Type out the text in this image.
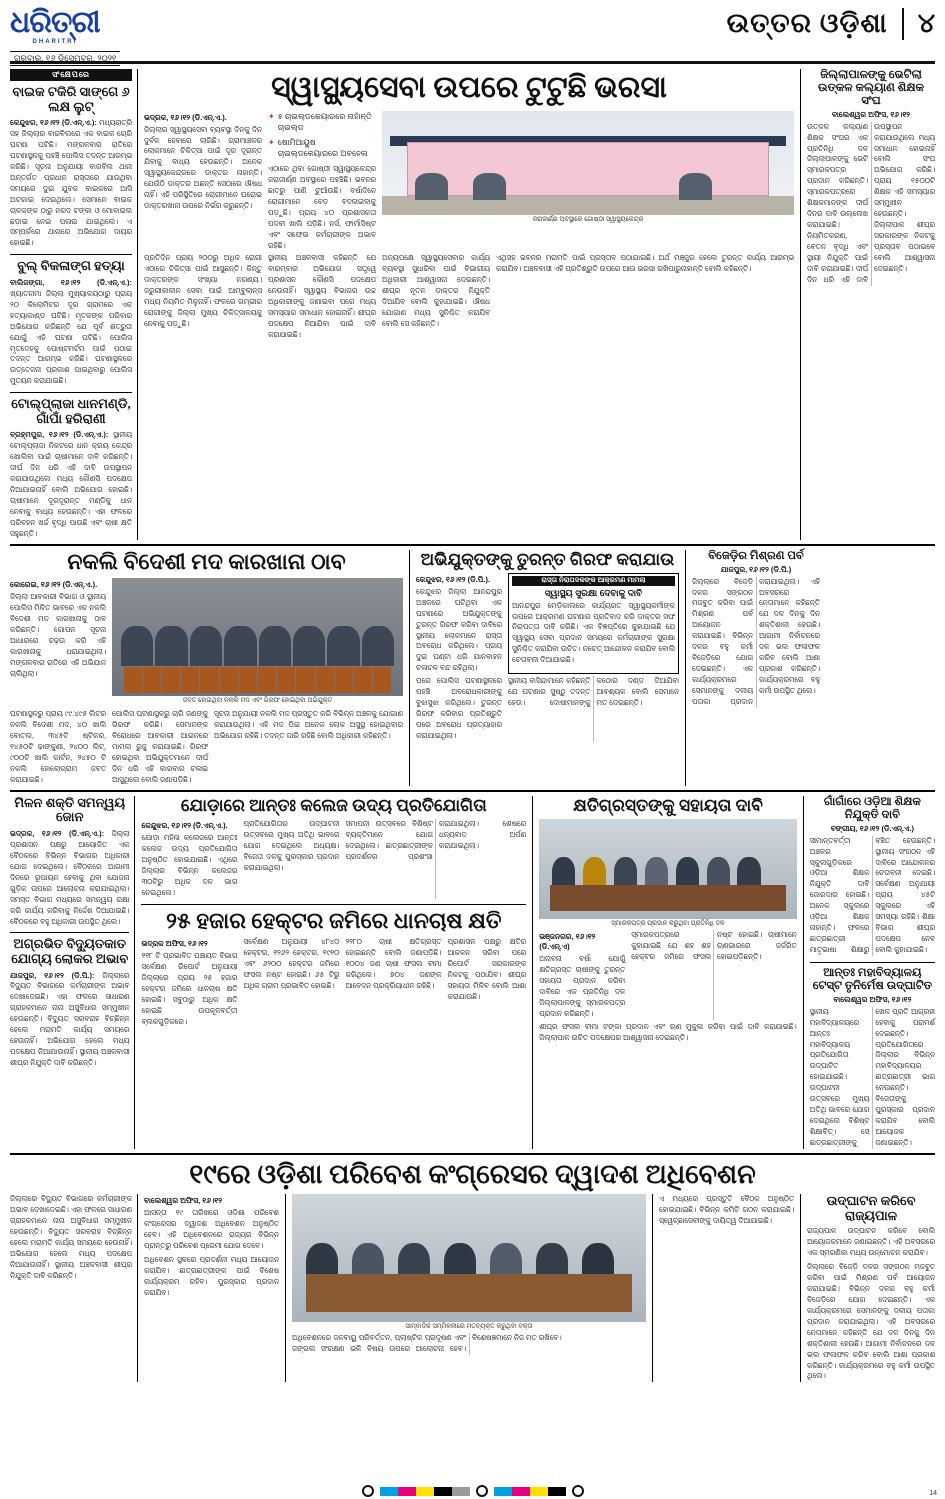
ଧରିତ୍ରୀ
DHARITRI
ଗୁରୁବାର, ୧୬ ଡିସେମ୍ବର, ୨୦୨୧
ଉତ୍ତର ଓଡ଼ିଶା	୪
ସଂକ୍ଷେପରେ
ବାଇକ ଟକିରି ସାଙ୍ଗେ ୬ ଲକ୍ଷ ଲୁଟ୍
କେନ୍ଦୁଝର, ୧୬।୧୨ (ଡି.ଏନ୍.ଏ.): ମଧ୍ୟରାତ୍ରି ସହ ଜିଲ୍ଲାର ବାରବିଲରେ ଏକ ବାଇକ ଚୋରି ଘଟଣା ଘଟିଛି। ମଙ୍ଗଳବାର ରାତିରେ ଘଟଣାସ୍ଥଳକୁ ପହଞ୍ଚି ପୋଲିସ ତଦନ୍ତ ଆରମ୍ଭ କରିଛି। ସୂଚନା ଅନୁଯାୟୀ ବାରବିଲ ଥାନା ଅନ୍ତର୍ଗତ ପ୍ରଧାନ ରାସ୍ତାରେ ଯାଉଥିବା ସମୟରେ ଦୁଇ ଯୁବକ ବାଇକରେ ଆସି ଅଟକାଇ ଦେଇଥିଲେ। ସେମାନେ ବାଇକ ଚାଳକଙ୍କ ଠାରୁ ନଗଦ ଟଙ୍କା ଓ ମୋବାଇଲ ଛଡ଼ାଇ ନେଇ ପଳାଇ ଯାଇଥିଲେ। ଏ ସମ୍ପର୍କରେ ଥାନାରେ ଅଭିଯୋଗ ଦାୟର ହୋଇଛି।
ବୁଲ୍‌ ବିକଳାଙ୍ଗ ହତ୍ୟା
ବାଲିଜଙ୍ଗା, ୧୬।୧୨ (ଡି.ଏନ୍.ଏ.): ଖ୍ୟାତନାମା ଜିଲ୍ଲା ମୁଖ୍ୟାଳୟଠାରୁ ପ୍ରାୟ ୨୦ କିଲୋମିଟର ଦୂର ଗ୍ରାମରେ ଏକ ହତ୍ୟାକାଣ୍ଡ ଘଟିଛି। ମୃତକଙ୍କ ପରିବାର ଅଭିଯୋଗ କରିଛନ୍ତି ଯେ ପୂର୍ବ ଶତ୍ରୁତା ଯୋଗୁଁ ଏହି ଘଟଣା ଘଟିଛି। ପୋଲିସ ମୃତଦେହକୁ ପୋଷ୍ଟମର୍ଟମ ପାଇଁ ପଠାଇ ତଦନ୍ତ ଆରମ୍ଭ କରିଛି। ଘଟଣାସ୍ଥଳରେ ଉତ୍ତେଜନା ପ୍ରକାଶ ପାଇଥିବାରୁ ପୋଲିସ ମୁତୟନ କରାଯାଇଛି।
ଟୋଲ୍‌ପ୍ଲାଜା ଧାନମଣ୍ଡି, ଗାଁପାଁ ହରିରାଣୀ
ବ୍ରହ୍ମପୁର, ୧୬।୧୨ (ଡି.ଏନ୍.ଏ.): ସ୍ଥାନୀୟ ଟୋଲ୍‌ପ୍ଲାଜା ନିକଟରେ ଧାନ କ୍ରୟ କେନ୍ଦ୍ର ଖୋଲିବା ପାଇଁ ଚାଷୀମାନେ ଦାବି କରିଛନ୍ତି। ଦୀର୍ଘ ଦିନ ଧରି ଏହି ଦାବି ଉପସ୍ଥାପନ କରାଯାଉଥିଲେ ମଧ୍ୟ କୌଣସି ପଦକ୍ଷେପ ନିଆଯାଇନାହିଁ ବୋଲି ଅଭିଯୋଗ ହୋଇଛି। ଚାଷୀମାନେ ଦୂରଦୂରାନ୍ତ ମଣ୍ଡିକୁ ଧାନ ନେବାକୁ ବାଧ୍ୟ ହେଉଛନ୍ତି। ଏହା ଫଳରେ ପରିବହନ ଖର୍ଚ୍ଚ ବୃଦ୍ଧି ପାଉଛି ଏବଂ ଚାଷୀ କ୍ଷତି ସହୁଛନ୍ତି।
ସ୍ୱାସ୍ଥ୍ୟସେବା ଉପରେ ଟୁଟୁଛି ଭରସା
ଭଦ୍ରକ, ୧୬।୧୨ (ଡି.ଏନ୍.ଏ.).
ଜିଲ୍ଲାର ସ୍ୱାସ୍ଥ୍ୟସେବା ବ୍ୟବସ୍ଥା ଦିନକୁ ଦିନ ଦୁର୍ବଳ ହେବାରେ ଲାଗିଛି। ଗ୍ରାମାଞ୍ଚଳର ଲୋକମାନେ ଚିକିତ୍ସା ପାଇଁ ଦୂର ଦୂରାନ୍ତ ଯିବାକୁ ବାଧ୍ୟ ହେଉଛନ୍ତି। ଅନେକ ସ୍ୱାସ୍ଥ୍ୟକେନ୍ଦ୍ରରେ ଡାକ୍ତର ନାହାନ୍ତି। ଯେଉଁଠି ଡାକ୍ତର ଅଛନ୍ତି ସେଠାରେ ଔଷଧ ନାହିଁ। ଏହି ପରିସ୍ଥିତିରେ ରୋଗୀମାନେ ଘରୋଇ ଡାକ୍ତରଖାନା ଉପରେ ନିର୍ଭର କରୁଛନ୍ତି।
✦ ୫ ଚାଇଲ୍ଡକେୟାରରେ ନାହାଁନ୍ତି ଚାଇଲ୍ଡ
✦ ଷୋମିଆୟୁଷ ଚାଇଲ୍ଡକେୟାରରେ ଅବହେଳା
ଏଠାରେ ଥିବା ଗୋଷ୍ଠୀ ସ୍ୱାସ୍ଥ୍ୟକେନ୍ଦ୍ର ଜରାଜୀର୍ଣ୍ଣ ଅବସ୍ଥାରେ ପହଞ୍ଚିଛି। ଭବନର ଛାତରୁ ପାଣି ଚୁଆଁଉଛି। ବର୍ଷାଦିନେ ରୋଗୀମାନେ ବେଡ଼ ବଦଳାଇବାକୁ ପଡ଼ୁଛି। ପ୍ରାୟ ୪୦ ପ୍ରଶାସକତା ପଦବୀ ଖାଲି ପଡ଼ିଛି। ନର୍ସ, ଫାର୍ମାସିଷ୍ଟ ଏବଂ ସଫେଇ କର୍ମଚାରୀଙ୍କ ଅଭାବ ରହିଛି।
ଜରାଜୀର୍ଣ୍ଣ ଅବସ୍ଥାରେ ଗୋଷ୍ଠୀ ସ୍ୱାସ୍ଥ୍ୟକେନ୍ଦ୍ର
ପ୍ରତିଦିନ ପ୍ରାୟ ୨୦୦ରୁ ଅଧିକ ରୋଗୀ ଏଠାରେ ଚିକିତ୍ସା ପାଇଁ ଆସୁଛନ୍ତି। କିନ୍ତୁ ଡାକ୍ତରଙ୍କ ସଂଖ୍ୟା ନଗଣ୍ୟ। ଜରୁରୀକାଳୀନ ସେବା ପାଇଁ ଆମ୍ବୁଲାନ୍ସ ମଧ୍ୟ ନିୟମିତ ମିଳୁନାହିଁ। ଫଳରେ ଗମ୍ଭୀର ରୋଗୀଙ୍କୁ ଜିଲ୍ଲା ମୁଖ୍ୟ ଚିକିତ୍ସାଳୟକୁ ନେବାକୁ ପଡ଼ୁଛି।
ସ୍ଥାନୀୟ ଅଞ୍ଚଳବାସୀ କହିଛନ୍ତି ଯେ ବାରମ୍ବାର ଅଭିଯୋଗ ସତ୍ତ୍ୱେ ପ୍ରଶାସନ କୌଣସି ପଦକ୍ଷେପ ନେଉନାହିଁ। ସ୍ୱାସ୍ଥ୍ୟ ବିଭାଗର ଉଚ୍ଚ ଅଧିକାରୀଙ୍କୁ ଜଣାଇବା ପରେ ମଧ୍ୟ ସମସ୍ୟାର ସମାଧାନ ହୋଇନାହିଁ। ଶୀଘ୍ର ପଦକ୍ଷେପ ନିଆଯିବା ପାଇଁ ଦାବି କରାଯାଇଛି।
ଅନ୍ୟପକ୍ଷେ ସ୍ୱାସ୍ଥ୍ୟସେବାର କାର୍ଯ୍ୟ ବ୍ୟବସ୍ଥା ସୁଧାରିବା ପାଇଁ ବିଭାଗୀୟ ଅଧିକାରୀ ଆଶ୍ୱାସନା ଦେଇଛନ୍ତି। ଶୀଘ୍ର ନୂତନ ଡାକ୍ତର ନିଯୁକ୍ତି ଦିଆଯିବ ବୋଲି କୁହାଯାଇଛି। ଔଷଧ ଯୋଗାଣ ମଧ୍ୟ ସୁନିଶ୍ଚିତ କରାଯିବ ବୋଲି ସେ କହିଛନ୍ତି।
ଏଥିସହ ଭବନର ମରାମତି ପାଇଁ ପ୍ରସ୍ତାବ ପଠାଯାଇଛି। ଅର୍ଥ ମଞ୍ଜୁର ହେଲେ ତୁରନ୍ତ କାର୍ଯ୍ୟ ଆରମ୍ଭ କରାଯିବ। ଅଞ୍ଚଳବାସୀ ଏହି ପ୍ରତିଶ୍ରୁତି ଉପରେ ଆଉ ଭରସା ରଖିପାରୁନାହାନ୍ତି ବୋଲି କହିଛନ୍ତି।
ଜିଲ୍ଲାପାଳଙ୍କୁ ଭେଟିଲା ଉତ୍କଳ କଲ୍ୟାଣ ଶିକ୍ଷକ ସଂଘ
ବାଲେଶ୍ୱର ଅଫିସ, ୧୬।୧୨
ଉତ୍କଳ କଲ୍ୟାଣ ଶିକ୍ଷକ ସଂଘର ଏକ ପ୍ରତିନିଧି ଦଳ ଜିଲ୍ଲାପାଳଙ୍କୁ ଭେଟି ସ୍ମାରକପତ୍ର ପ୍ରଦାନ କରିଛନ୍ତି। ସ୍ମାରକପତ୍ରରେ ଶିକ୍ଷକମାନଙ୍କ ଦୀର୍ଘ ଦିନର ଦାବି ଉଲ୍ଲେଖ କରାଯାଇଛି। ନିୟମିତକରଣ, ବେତନ ବୃଦ୍ଧି ଏବଂ ସ୍ଥାୟୀ ନିଯୁକ୍ତି ପାଇଁ ଦାବି କରାଯାଇଛି। ଦୀର୍ଘ ଦିନ ଧରି ଏହି ଦାବି ଉପସ୍ଥାପନ କରାଯାଉଥିଲେ ମଧ୍ୟ ସମାଧାନ ହୋଇନାହିଁ ବୋଲି ସଂଘ ଅଭିଯୋଗ କରିଛି। ପ୍ରାୟ ୧୫୦୦ଟି ଶିକ୍ଷକ ଏହି ସମସ୍ୟାର ସମ୍ମୁଖୀନ ହେଉଛନ୍ତି। ଜିଲ୍ଲାପାଳ ଶୀଘ୍ର ସରକାରଙ୍କ ନିକଟକୁ ପ୍ରସ୍ତାବ ପଠାଇବେ ବୋଲି ଆଶ୍ୱାସନା ଦେଇଛନ୍ତି।
ନକଲି ବିଦେଶୀ ମଦ କାରଖାନା ଠାବ
କୋରେଇ, ୧୬।୧୨ (ଡି.ଏନ୍.ଏ.).
ଜିଲ୍ଲା ଆବକାରୀ ବିଭାଗ ଓ ସ୍ଥାନୀୟ ପୋଲିସ ମିଳିତ ଭାବରେ ଏକ ନକଲି ବିଦେଶୀ ମଦ କାରଖାନାକୁ ଠାବ କରିଛନ୍ତି। ଗୋପନ ସୂଚନା ଆଧାରରେ ଚଢ଼ଉ କରି ଏହି କାରଖାନାକୁ ଧରାଯାଇଥିଲା। ମଙ୍ଗଳବାର ରାତିରେ ଏହି ଅଭିଯାନ ଚାଲିଥିଲା।
ଜବତ ହୋଇଥିବା ନକଲି ମଦ ଏବଂ ଗିରଫ ହୋଇଥିବା ଅଭିଯୁକ୍ତ
ଘଟଣାସ୍ଥଳରୁ ପ୍ରାୟ ୯୯.୪୯୫ ଲିଟର ନକଲି ବିଦେଶୀ ମଦ, ୪୦ ଖାଲି ବୋତଲ, ୩୪୫ଟି ଷ୍ଟିକର, ୧୪୫୦ଟି ଢାଙ୍କୁଣୀ, ୨୪୦୦ ଲିଟ୍, ୯୦୦ଟି ଖାଲି କାର୍ଟନ, ୨୪୫୦ ଟି ନକଲି ହୋଲୋଗ୍ରାମ ଜବତ କରାଯାଇଛି।
ପୋଲିସ ଘଟଣାସ୍ଥଳରୁ ଚାରି ଜଣଙ୍କୁ ଗିରଫ କରିଛି। ସେମାନଙ୍କ ବିରୋଧରେ ଆବକାରୀ ଆଇନରେ ମାମଲା ରୁଜୁ କରାଯାଇଛି। ଗିରଫ ହୋଇଥିବା ଅଭିଯୁକ୍ତମାନେ ଦୀର୍ଘ ଦିନ ଧରି ଏହି କାରବାର ଚଳାଇ ଆସୁଥିଲେ ବୋଲି ଜଣାପଡ଼ିଛି।
ସୂଚନା ଅନୁଯାୟୀ ନକଲି ମଦ ପ୍ରସ୍ତୁତ କରି ବିଭିନ୍ନ ଅଞ୍ଚଳକୁ ଯୋଗାଣ କରାଯାଉଥିଲା। ଏହି ମଦ ପିଇ ଅନେକ ଲୋକ ଅସୁସ୍ଥ ହୋଇଥିବାର ଅଭିଯୋଗ ରହିଛି। ତଦନ୍ତ ଜାରି ରହିଛି ବୋଲି ଅଧିକାରୀ କହିଛନ୍ତି।
ଅଭିଯୁକ୍ତଙ୍କୁ ତୁରନ୍ତ ଗିରଫ କରାଯାଉ
କେନ୍ଦୁଝର, ୧୬।୧୨ (ଡି.ପି.).
କେନ୍ଦୁଝର ଜିଲ୍ଲା ଆନନ୍ଦପୁର ଅଞ୍ଚଳରେ ଘଟିଥିବା ଏକ ଘଟଣାରେ ଅଭିଯୁକ୍ତଙ୍କୁ ତୁରନ୍ତ ଗିରଫ କରିବା ଦାବିରେ ସ୍ଥାନୀୟ ଲୋକମାନେ ରାସ୍ତା ଅବରୋଧ କରିଥିଲେ। ପ୍ରାୟ ଦୁଇ ଘଣ୍ଟା ଧରି ଯାନବାହନ ଚଳାଚଳ ବନ୍ଦ ରହିଥିଲା।
ରାସ୍ତା ନିରାପଦକଙ୍କ ଆକ୍ରମଣ ମାମଲା
ସ୍ୱାସ୍ଥ୍ୟ ସୁରକ୍ଷା ଦେବାକୁ ଦାବି
ଆନନ୍ଦପୁର ମେଡ଼ିକାଲରେ କାର୍ଯ୍ୟରତ ସ୍ୱାସ୍ଥ୍ୟକର୍ମୀଙ୍କ ଉପରେ ଆକ୍ରମଣ ଘଟଣାର ପ୍ରତିବାଦ କରି ଡାକ୍ତର ସଙ୍ଘ ନିରାପତ୍ତା ଦାବି କରିଛି। ଏକ ବିଜ୍ଞପ୍ତିରେ କୁହାଯାଇଛି ଯେ ସ୍ୱାସ୍ଥ୍ୟ ସେବା ପ୍ରଦାନ ସମୟରେ କର୍ମଚାରୀଙ୍କ ସୁରକ୍ଷା ସୁନିଶ୍ଚିତ କରାଯିବା ଉଚିତ। ନଚେତ୍ ଆନ୍ଦୋଳନ କରାଯିବ ବୋଲି ଚେତାବନୀ ଦିଆଯାଇଛି।
ପରେ ପୋଲିସ ଘଟଣାସ୍ଥଳରେ ପହଞ୍ଚି ଅବରୋଧକାରୀଙ୍କୁ ବୁଝାସୁଝା କରିଥିଲେ। ତୁରନ୍ତ ଗିରଫ କରିବାର ପ୍ରତିଶ୍ରୁତି ପରେ ଅବରୋଧ ପ୍ରତ୍ୟାହାର କରାଯାଇଥିଲା।
ସ୍ଥାନୀୟ ବାସିନ୍ଦାମାନେ କହିଛନ୍ତି ଯେ ଘଟଣାର ସୁଷ୍ଠୁ ତଦନ୍ତ ହେଉ। ଦୋଷୀମାନଙ୍କୁ କଠୋର ଦଣ୍ଡ ଦିଆଯିବା ଆବଶ୍ୟକ ବୋଲି ସେମାନେ ମତ ଦେଇଛନ୍ତି।
ବିଜେଡ଼ିର ମିଶ୍ରଣ ପର୍ବ
ଯାଜପୁର, ୧୬।୧୨ (ଡି.ପି.)
ଜିଲ୍ଲାରେ ବିଜେଡ଼ି ଦଳର ସଙ୍ଗଠନ ମଜବୁତ କରିବା ପାଇଁ ମିଶ୍ରଣ ପର୍ବ ଆୟୋଜନ କରାଯାଇଛି। ବିଭିନ୍ନ ଦଳର ବହୁ କର୍ମୀ ବିଜେଡ଼ିରେ ଯୋଗ ଦେଇଛନ୍ତି। ଏକ କାର୍ଯ୍ୟକ୍ରମରେ ସେମାନଙ୍କୁ ଦଳୀୟ ପତାକା ପ୍ରଦାନ କରାଯାଇଥିଲା। ଏହି ଅବସରରେ ନେତାମାନେ କହିଛନ୍ତି ଯେ ଦଳ ଦିନକୁ ଦିନ ଶକ୍ତିଶାଳୀ ହେଉଛି। ଆଗାମୀ ନିର୍ବାଚନରେ ଦଳ ଭଲ ଫଳାଫଳ କରିବ ବୋଲି ଆଶା ପ୍ରକାଶ କରିଛନ୍ତି। କାର୍ଯ୍ୟକ୍ରମରେ ବହୁ କର୍ମୀ ଉପସ୍ଥିତ ଥିଲେ।
ମିଳନ ଶକ୍ତି ସମନ୍ୱୟ ଜୋନ
ଭଦ୍ରକ, ୧୬।୧୨ (ଡି.ଏନ୍.ଏ.): ଜିଲ୍ଲା ପ୍ରଶାସନ ପକ୍ଷରୁ ଆୟୋଜିତ ଏକ ବୈଠକରେ ବିଭିନ୍ନ ବିଭାଗର ଅଧିକାରୀ ଯୋଗ ଦେଇଥିଲେ। ବୈଠକରେ ଆଗାମୀ ଦିନରେ ରୂପାୟନ ହେବାକୁ ଥିବା ଯୋଜନା ଗୁଡ଼ିକ ଉପରେ ଆଲୋଚନା କରାଯାଇଥିଲା। ସମସ୍ତ ବିଭାଗ ମଧ୍ୟରେ ସମନ୍ୱୟ ରକ୍ଷା କରି କାର୍ଯ୍ୟ କରିବାକୁ ନିର୍ଦ୍ଦେଶ ଦିଆଯାଇଛି। ବୈଠକରେ ବହୁ ଅଧିକାରୀ ଉପସ୍ଥିତ ଥିଲେ।
ଅଗ୍ରଭିତ ବିଦ୍ୟୁତକାତ ଯୋଗ୍ୟ ଲୋକର ଅଭାବ
ଯାଜପୁର, ୧୬।୧୨ (ଡି.ପି.): ଜିଲ୍ଲାରେ ବିଦ୍ୟୁତ ବିଭାଗରେ କର୍ମଚାରୀଙ୍କ ଅଭାବ ଦେଖାଦେଇଛି। ଏହା ଫଳରେ ସାଧାରଣ ଗ୍ରାହକମାନେ ନାନା ଅସୁବିଧାର ସମ୍ମୁଖୀନ ହେଉଛନ୍ତି। ବିଦ୍ୟୁତ ସରବରାହ ବିଚ୍ଛିନ୍ନ ହେଲେ ମରାମତି କାର୍ଯ୍ୟ ସମୟରେ ହେଉନାହିଁ। ଅଭିଯୋଗ ହେଲେ ମଧ୍ୟ ପଦକ୍ଷେପ ନିଆଯାଉନାହିଁ। ସ୍ଥାନୀୟ ଅଞ୍ଚଳବାସୀ ଶୀଘ୍ର ନିଯୁକ୍ତି ଦାବି କରିଛନ୍ତି।
ଯୋଡ଼ାରେ ଆନ୍ତଃ କଲେଜ ଉଦ୍ୟ ପ୍ରତିଯୋଗିତା
କେନ୍ଦୁଝର, ୧୬।୧୨ (ଡି.ଏନ୍.ଏ.).
ଯୋଡ଼ା ମହିଳା କଲେଜରେ ଆନ୍ତଃ କଲେଜ ଉଦ୍ୟ ପ୍ରତିଯୋଗିତା ଅନୁଷ୍ଠିତ ହୋଇଯାଇଛି। ଏଥିରେ ଜିଲ୍ଲାର ବିଭିନ୍ନ କଲେଜର ୩୦ଟିରୁ ଅଧିକ ଦଳ ଭାଗ ନେଇଥିଲେ।
ପ୍ରତିଯୋଗିତାର ଉଦ୍‌ଘାଟନୀ ଉତ୍ସବରେ ମୁଖ୍ୟ ଅତିଥି ଭାବରେ ଯୋଗ ଦେଇଥିଲେ ଅଧ୍ୟକ୍ଷ। ବିଜେତା ଦଳକୁ ପୁରସ୍କାର ପ୍ରଦାନ କରାଯାଇଥିଲା।
ସମାପନୀ ଉତ୍ସବରେ ବିଶିଷ୍ଟ ବ୍ୟକ୍ତିମାନେ ଯୋଗ ଦେଇଥିଲେ। ଛାତ୍ରଛାତ୍ରୀଙ୍କ ପ୍ରଦର୍ଶନର ପ୍ରଶଂସା କରାଯାଇଥିଲା। ଶେଷରେ ଧନ୍ୟବାଦ ଅର୍ପଣ କରାଯାଇଥିଲା।
୨୫ ହଜାର ହେକ୍ଟର ଜମିରେ ଧାନଚାଷ କ୍ଷତି
ଭଦ୍ରକ ଅଫିସ, ୧୬।୧୨
୧୧୮ ଟି ପ୍ରଭାବିତ ପଞ୍ଚାୟତ ବିଭାଗ ସର୍ବେକ୍ଷଣ ରିପୋର୍ଟ ଅନୁଯାୟୀ ଜିଲ୍ଲାରେ ପ୍ରାୟ ୨୫ ହଜାର ହେକ୍ଟର ଜମିରେ ଧାନଚାଷ କ୍ଷତି ହୋଇଛି। ସବୁଠାରୁ ଅଧିକ କ୍ଷତି ହୋଇଛି ଉପକୂଳବର୍ତ୍ତୀ ବ୍ଲକଗୁଡ଼ିକରେ।
ସର୍ବେକ୍ଷଣ ଅନୁଯାୟୀ ୪୮୪୦ ହେକ୍ଟର, ୧୨୬୨ ହେକ୍ଟର, ୧୯୧୦ ଏବଂ ୬୨୦୦ ହେକ୍ଟର ଜମିରେ ଫସଲ ନଷ୍ଟ ହୋଇଛି। ୬୫ ଟିରୁ ଅଧିକ ଗ୍ରାମ ପ୍ରଭାବିତ ହୋଇଛି।
୨୨୮୦ ଚାଷୀ କ୍ଷତିଗ୍ରସ୍ତ ହୋଇଛନ୍ତି ବୋଲି ଜଣାପଡ଼ିଛି। ୧୦୦୪ ଜଣ ଚାଷୀ ଫସଲ ବୀମା କରିଥିଲେ। ୭୦୪ ଜଣଙ୍କ ଆବେଦନ ପ୍ରକ୍ରିୟାଧୀନ ରହିଛି।
ପ୍ରଶାସନ ପକ୍ଷରୁ କ୍ଷତିର ଆକଳନ ସରିବା ପରେ ରିପୋର୍ଟ ସରକାରଙ୍କ ନିକଟକୁ ପଠାଯିବ। ଶୀଘ୍ର ସହାୟତା ମିଳିବ ବୋଲି ଆଶା କରାଯାଉଛି।
କ୍ଷତିଗ୍ରସ୍ତଙ୍କୁ ସହାୟତା ଦାବି
ସ୍ମାରକପତ୍ର ପ୍ରଦାନ କରୁଥିବା ପ୍ରତିନିଧି ଦଳ
ଭଞ୍ଜନଗର, ୧୬।୧୨ (ଡି.ଏନ୍.ଏ)
ଅନାବନା ବର୍ଷା ଯୋଗୁଁ କ୍ଷତିଗ୍ରସ୍ତ ଚାଷୀଙ୍କୁ ତୁରନ୍ତ ସହାୟତା ପ୍ରଦାନ କରିବା ଦାବିରେ ଏକ ପ୍ରତିନିଧି ଦଳ ଜିଲ୍ଲାପାଳଙ୍କୁ ସ୍ମାରକପତ୍ର ପ୍ରଦାନ କରିଛନ୍ତି।
ସ୍ମାରକପତ୍ରରେ କୁହାଯାଇଛି ଯେ ଶହ ଶହ ହେକ୍ଟର ଜମିରେ ଫସଲ ନଷ୍ଟ ହୋଇଛି। ଚାଷୀମାନେ ଋଣଭାରରେ ଜର୍ଜରିତ ହୋଇପଡ଼ିଛନ୍ତି।
ଶୀଘ୍ର ଫସଲ ବୀମା ଟଙ୍କା ପ୍ରଦାନ ଏବଂ ଋଣ ମୁକୁଳା କରିବା ପାଇଁ ଦାବି କରାଯାଇଛି। ଜିଲ୍ଲାପାଳ ଉଚିତ ପଦକ୍ଷେପର ଆଶ୍ୱାସନା ଦେଇଛନ୍ତି।
ଗାଁଗାଁରେ ଓଡ଼ିଆ ଶିକ୍ଷକ ନିଯୁକ୍ତି ଦାବି
ବଙ୍ଗୀୟ, ୧୬।୧୨ (ଡି.ଏନ୍.ଏ.)
ସୀମାନ୍ତବର୍ତ୍ତୀ ଅଞ୍ଚଳର ସ୍କୁଲଗୁଡ଼ିକରେ ଓଡ଼ିଆ ଶିକ୍ଷକ ନିଯୁକ୍ତି ଦାବି ଜୋରଦାର ହୋଇଛି। ଅନେକ ସ୍କୁଲରେ ଓଡ଼ିଆ ଶିକ୍ଷକ ନାହାନ୍ତି। ଫଳରେ ଛାତ୍ରଛାତ୍ରୀ ମାତୃଭାଷା ଶିକ୍ଷାରୁ ବଞ୍ଚିତ ହେଉଛନ୍ତି। ସ୍ଥାନୀୟ ସଂଗଠନ ଏହି ଦାବିରେ ଆନ୍ଦୋଳନର ଚେତାବନୀ ଦେଇଛି। ସର୍ବେକ୍ଷଣ ଅନୁଯାୟୀ ପ୍ରାୟ ୪୫ଟି ସ୍କୁଲରେ ଏହି ସମସ୍ୟା ରହିଛି। ଶିକ୍ଷା ବିଭାଗ ଶୀଘ୍ର ପଦକ୍ଷେପ ନେବ ବୋଲି କୁହାଯାଇଛି।
ଆନ୍ତଃ ମହାବିଦ୍ୟାଳୟ ଟେସ୍ଟ ତୃନିର୍ମେଷ ଉଦ୍‌ଘାଟିତ
ବାଲେଶ୍ୱର ଅଫିସ, ୧୬।୧୨
ସ୍ଥାନୀୟ ମହାବିଦ୍ୟାଳୟରେ ଆନ୍ତଃ ମହାବିଦ୍ୟାଳୟ ପ୍ରତିଯୋଗିତା ଉଦ୍‌ଘାଟିତ ହୋଇଯାଇଛି। ଉଦ୍‌ଘାଟନୀ ଉତ୍ସବରେ ମୁଖ୍ୟ ଅତିଥି ଭାବରେ ଯୋଗ ଦେଇଥିଲେ ବିଶିଷ୍ଟ ଶିକ୍ଷାବିତ୍। ସେ ଛାତ୍ରଛାତ୍ରୀଙ୍କୁ ଖେଳ ପ୍ରତି ଆଗ୍ରହୀ ହେବାକୁ ପରାମର୍ଶ ଦେଇଛନ୍ତି। ପ୍ରତିଯୋଗିତାରେ ଜିଲ୍ଲାର ବିଭିନ୍ନ ମହାବିଦ୍ୟାଳୟର ଛାତ୍ରଛାତ୍ରୀ ଭାଗ ନେଉଛନ୍ତି। ବିଜେତାଙ୍କୁ ପୁରସ୍କାର ପ୍ରଦାନ କରାଯିବ ବୋଲି ଆୟୋଜକ ଜଣାଇଛନ୍ତି।
୧୯ରେ ଓଡ଼ିଶା ପରିବେଶ କଂଗ୍ରେସର ଦ୍ୱାଦଶ ଅଧିବେଶନ
ଜିଲ୍ଲାରେ ବିଦ୍ୟୁତ ବିଭାଗରେ କର୍ମଚାରୀଙ୍କ ଅଭାବ ଦେଖାଦେଇଛି। ଏହା ଫଳରେ ସାଧାରଣ ଗ୍ରାହକମାନେ ନାନା ଅସୁବିଧାର ସମ୍ମୁଖୀନ ହେଉଛନ୍ତି। ବିଦ୍ୟୁତ ସରବରାହ ବିଚ୍ଛିନ୍ନ ହେଲେ ମରାମତି କାର୍ଯ୍ୟ ସମୟରେ ହେଉନାହିଁ। ଅଭିଯୋଗ ହେଲେ ମଧ୍ୟ ପଦକ୍ଷେପ ନିଆଯାଉନାହିଁ। ସ୍ଥାନୀୟ ଅଞ୍ଚଳବାସୀ ଶୀଘ୍ର ନିଯୁକ୍ତି ଦାବି କରିଛନ୍ତି।
ବାଲେଶ୍ୱର ଅଫିସ, ୧୬।୧୨
ଆସନ୍ତା ୧୯ ତାରିଖରେ ଓଡ଼ିଶା ପରିବେଶ କଂଗ୍ରେସର ଦ୍ୱାଦଶ ଅଧିବେଶନ ଅନୁଷ୍ଠିତ ହେବ। ଏହି ଅଧିବେଶନରେ ରାଜ୍ୟର ବିଭିନ୍ନ ପ୍ରାନ୍ତରୁ ପରିବେଶ ପ୍ରେମୀ ଯୋଗ ଦେବେ।
ଅଧିବେଶନ ସ୍ଥଳରେ ପ୍ରଦର୍ଶନୀ ମଧ୍ୟ ଆୟୋଜନ କରାଯିବ। ଛାତ୍ରଛାତ୍ରୀଙ୍କ ପାଇଁ ବିଶେଷ କାର୍ଯ୍ୟକ୍ରମ ରହିବ। ପୁରସ୍କାର ପ୍ରଦାନ କରାଯିବ।
ସାମ୍ବାଦିକ ସମ୍ମିଳନୀରେ ମତବ୍ୟକ୍ତ କରୁଥିବା ବକ୍ତା
ଅଧିବେଶନରେ ଜଳବାୟୁ ପରିବର୍ତ୍ତନ, ପ୍ଲାଷ୍ଟିକ ପ୍ରଦୂଷଣ ଏବଂ ଜଙ୍ଗଲ ସଂରକ୍ଷଣ ଭଳି ବିଷୟ ଉପରେ ଆଲୋଚନା ହେବ। ବିଶେଷଜ୍ଞମାନେ ନିଜ ମତ ରଖିବେ।
ଏ ମଧ୍ୟରେ ପ୍ରସ୍ତୁତି ବୈଠକ ଅନୁଷ୍ଠିତ ହୋଇଯାଇଛି। ବିଭିନ୍ନ କମିଟି ଗଠନ କରାଯାଇଛି। ସ୍ୱେଚ୍ଛାସେବୀଙ୍କୁ ଦାୟିତ୍ୱ ଦିଆଯାଇଛି।
ଉଦ୍‌ଘାଟନ କରିବେ ରାଜ୍ୟପାଳ
ରାଜ୍ୟପାଳ ଉଦ୍‌ଘାଟନ କରିବେ ବୋଲି ଆୟୋଜକମାନେ ଜଣାଇଛନ୍ତି। ଏହି ଅବସରରେ ଏକ ସ୍ମରଣିକା ମଧ୍ୟ ଉନ୍ମୋଚନ କରାଯିବ।
ଜିଲ୍ଲାରେ ବିଜେଡ଼ି ଦଳର ସଙ୍ଗଠନ ମଜବୁତ କରିବା ପାଇଁ ମିଶ୍ରଣ ପର୍ବ ଆୟୋଜନ କରାଯାଇଛି। ବିଭିନ୍ନ ଦଳର ବହୁ କର୍ମୀ ବିଜେଡ଼ିରେ ଯୋଗ ଦେଇଛନ୍ତି। ଏକ କାର୍ଯ୍ୟକ୍ରମରେ ସେମାନଙ୍କୁ ଦଳୀୟ ପତାକା ପ୍ରଦାନ କରାଯାଇଥିଲା। ଏହି ଅବସରରେ ନେତାମାନେ କହିଛନ୍ତି ଯେ ଦଳ ଦିନକୁ ଦିନ ଶକ୍ତିଶାଳୀ ହେଉଛି। ଆଗାମୀ ନିର୍ବାଚନରେ ଦଳ ଭଲ ଫଳାଫଳ କରିବ ବୋଲି ଆଶା ପ୍ରକାଶ କରିଛନ୍ତି। କାର୍ଯ୍ୟକ୍ରମରେ ବହୁ କର୍ମୀ ଉପସ୍ଥିତ ଥିଲେ।
14
